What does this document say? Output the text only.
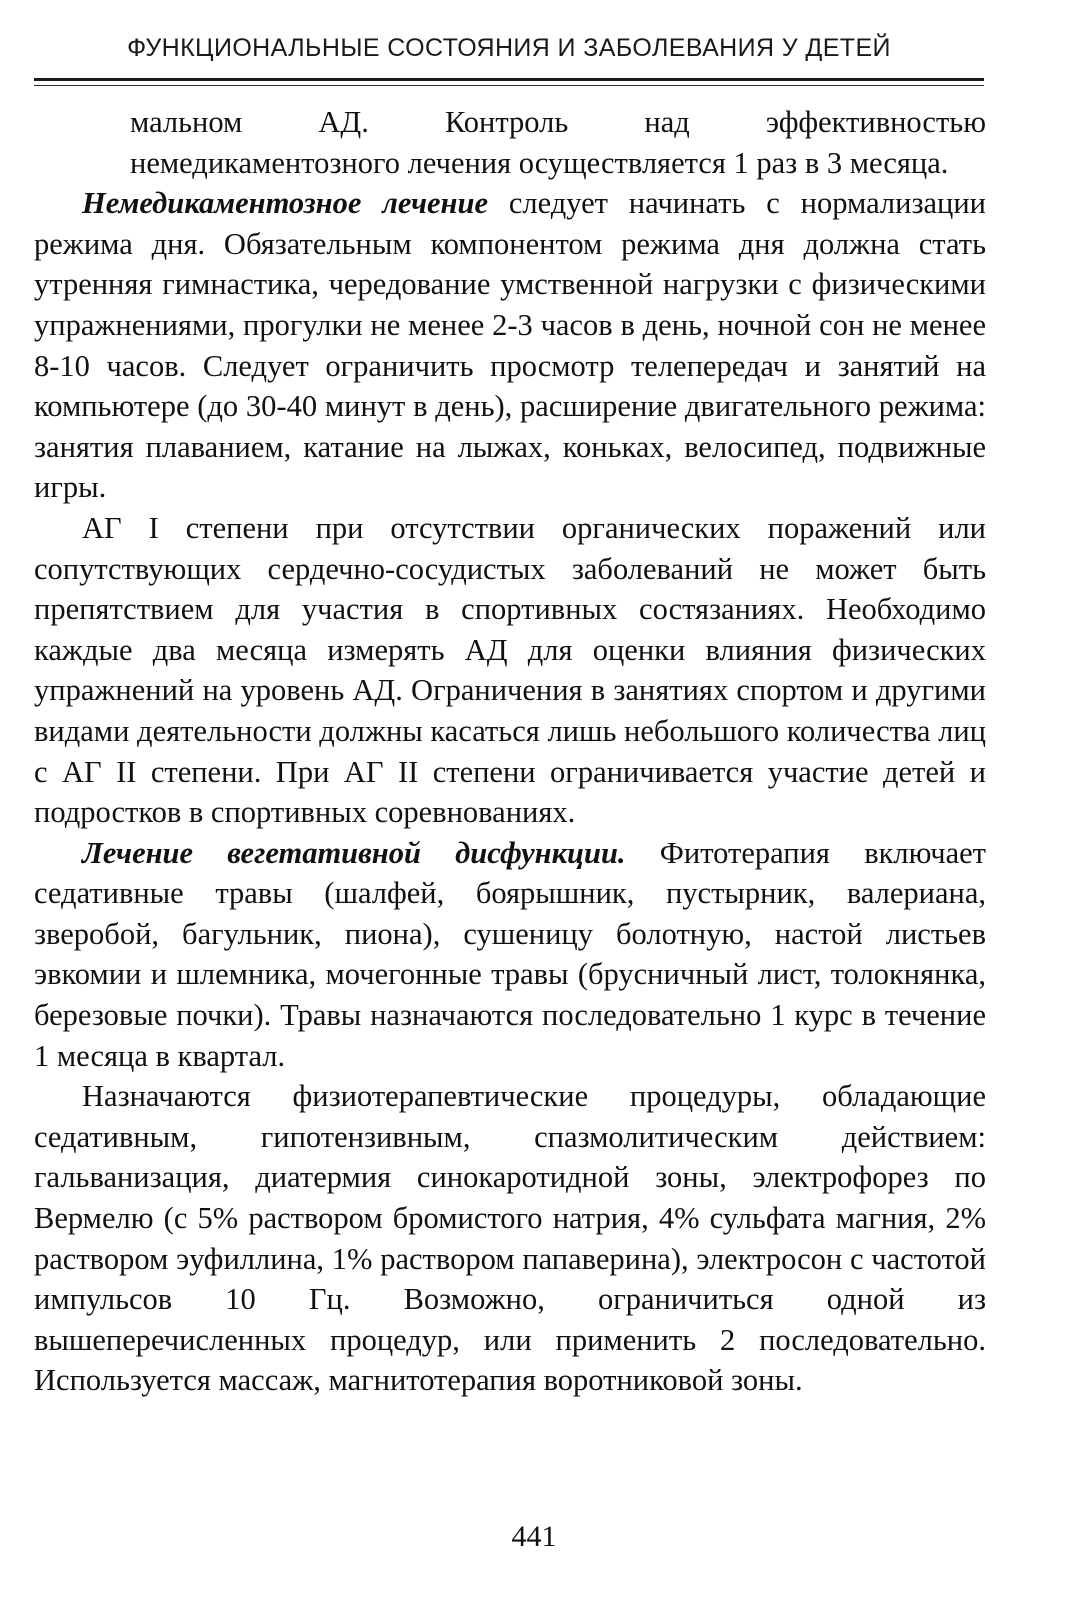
ФУНКЦИОНАЛЬНЫЕ СОСТОЯНИЯ И ЗАБОЛЕВАНИЯ У ДЕТЕЙ

мальном АД. Контроль над эффективностью немедикаментозного лечения осуществляется 1 раз в 3 месяца.

Немедикаментозное лечение следует начинать с нормализации режима дня. Обязательным компонентом режима дня должна стать утренняя гимнастика, чередование умственной нагрузки с физическими упражнениями, прогулки не менее 2-3 часов в день, ночной сон не менее 8-10 часов. Следует ограничить просмотр телепередач и занятий на компьютере (до 30-40 минут в день), расширение двигательного режима: занятия плаванием, катание на лыжах, коньках, велосипед, подвижные игры.

АГ I степени при отсутствии органических поражений или сопутствующих сердечно-сосудистых заболеваний не может быть препятствием для участия в спортивных состязаниях. Необходимо каждые два месяца измерять АД для оценки влияния физических упражнений на уровень АД. Ограничения в занятиях спортом и другими видами деятельности должны касаться лишь небольшого количества лиц с АГ II степени. При АГ II степени ограничивается участие детей и подростков в спортивных соревнованиях.

Лечение вегетативной дисфункции. Фитотерапия включает седативные травы (шалфей, боярышник, пустырник, валериана, зверобой, багульник, пиона), сушеницу болотную, настой листьев эвкомии и шлемника, мочегонные травы (брусничный лист, толокнянка, березовые почки). Травы назначаются последовательно 1 курс в течение 1 месяца в квартал.

Назначаются физиотерапевтические процедуры, обладающие седативным, гипотензивным, спазмолитическим действием: гальванизация, диатермия синокаротидной зоны, электрофорез по Вермелю (с 5% раствором бромистого натрия, 4% сульфата магния, 2% раствором эуфиллина, 1% раствором папаверина), электросон с частотой импульсов 10 Гц. Возможно, ограничиться одной из вышеперечисленных процедур, или применить 2 последовательно. Используется массаж, магнитотерапия воротниковой зоны.

441
